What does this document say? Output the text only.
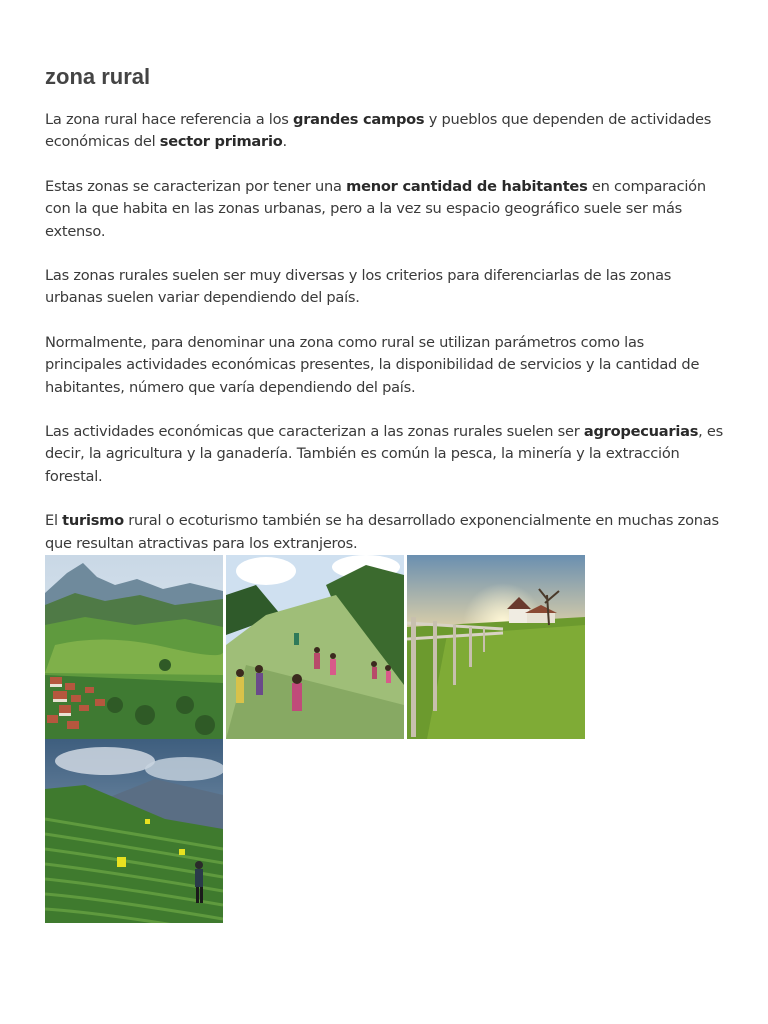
zona rural

La zona rural hace referencia a los grandes campos y pueblos que dependen de actividades económicas del sector primario.

Estas zonas se caracterizan por tener una menor cantidad de habitantes en comparación con la que habita en las zonas urbanas, pero a la vez su espacio geográfico suele ser más extenso.

Las zonas rurales suelen ser muy diversas y los criterios para diferenciarlas de las zonas urbanas suelen variar dependiendo del país.

Normalmente, para denominar una zona como rural se utilizan parámetros como las principales actividades económicas presentes, la disponibilidad de servicios y la cantidad de habitantes, número que varía dependiendo del país.

Las actividades económicas que caracterizan a las zonas rurales suelen ser agropecuarias, es decir, la agricultura y la ganadería. También es común la pesca, la minería y la extracción forestal.

El turismo rural o ecoturismo también se ha desarrollado exponencialmente en muchas zonas que resultan atractivas para los extranjeros.
